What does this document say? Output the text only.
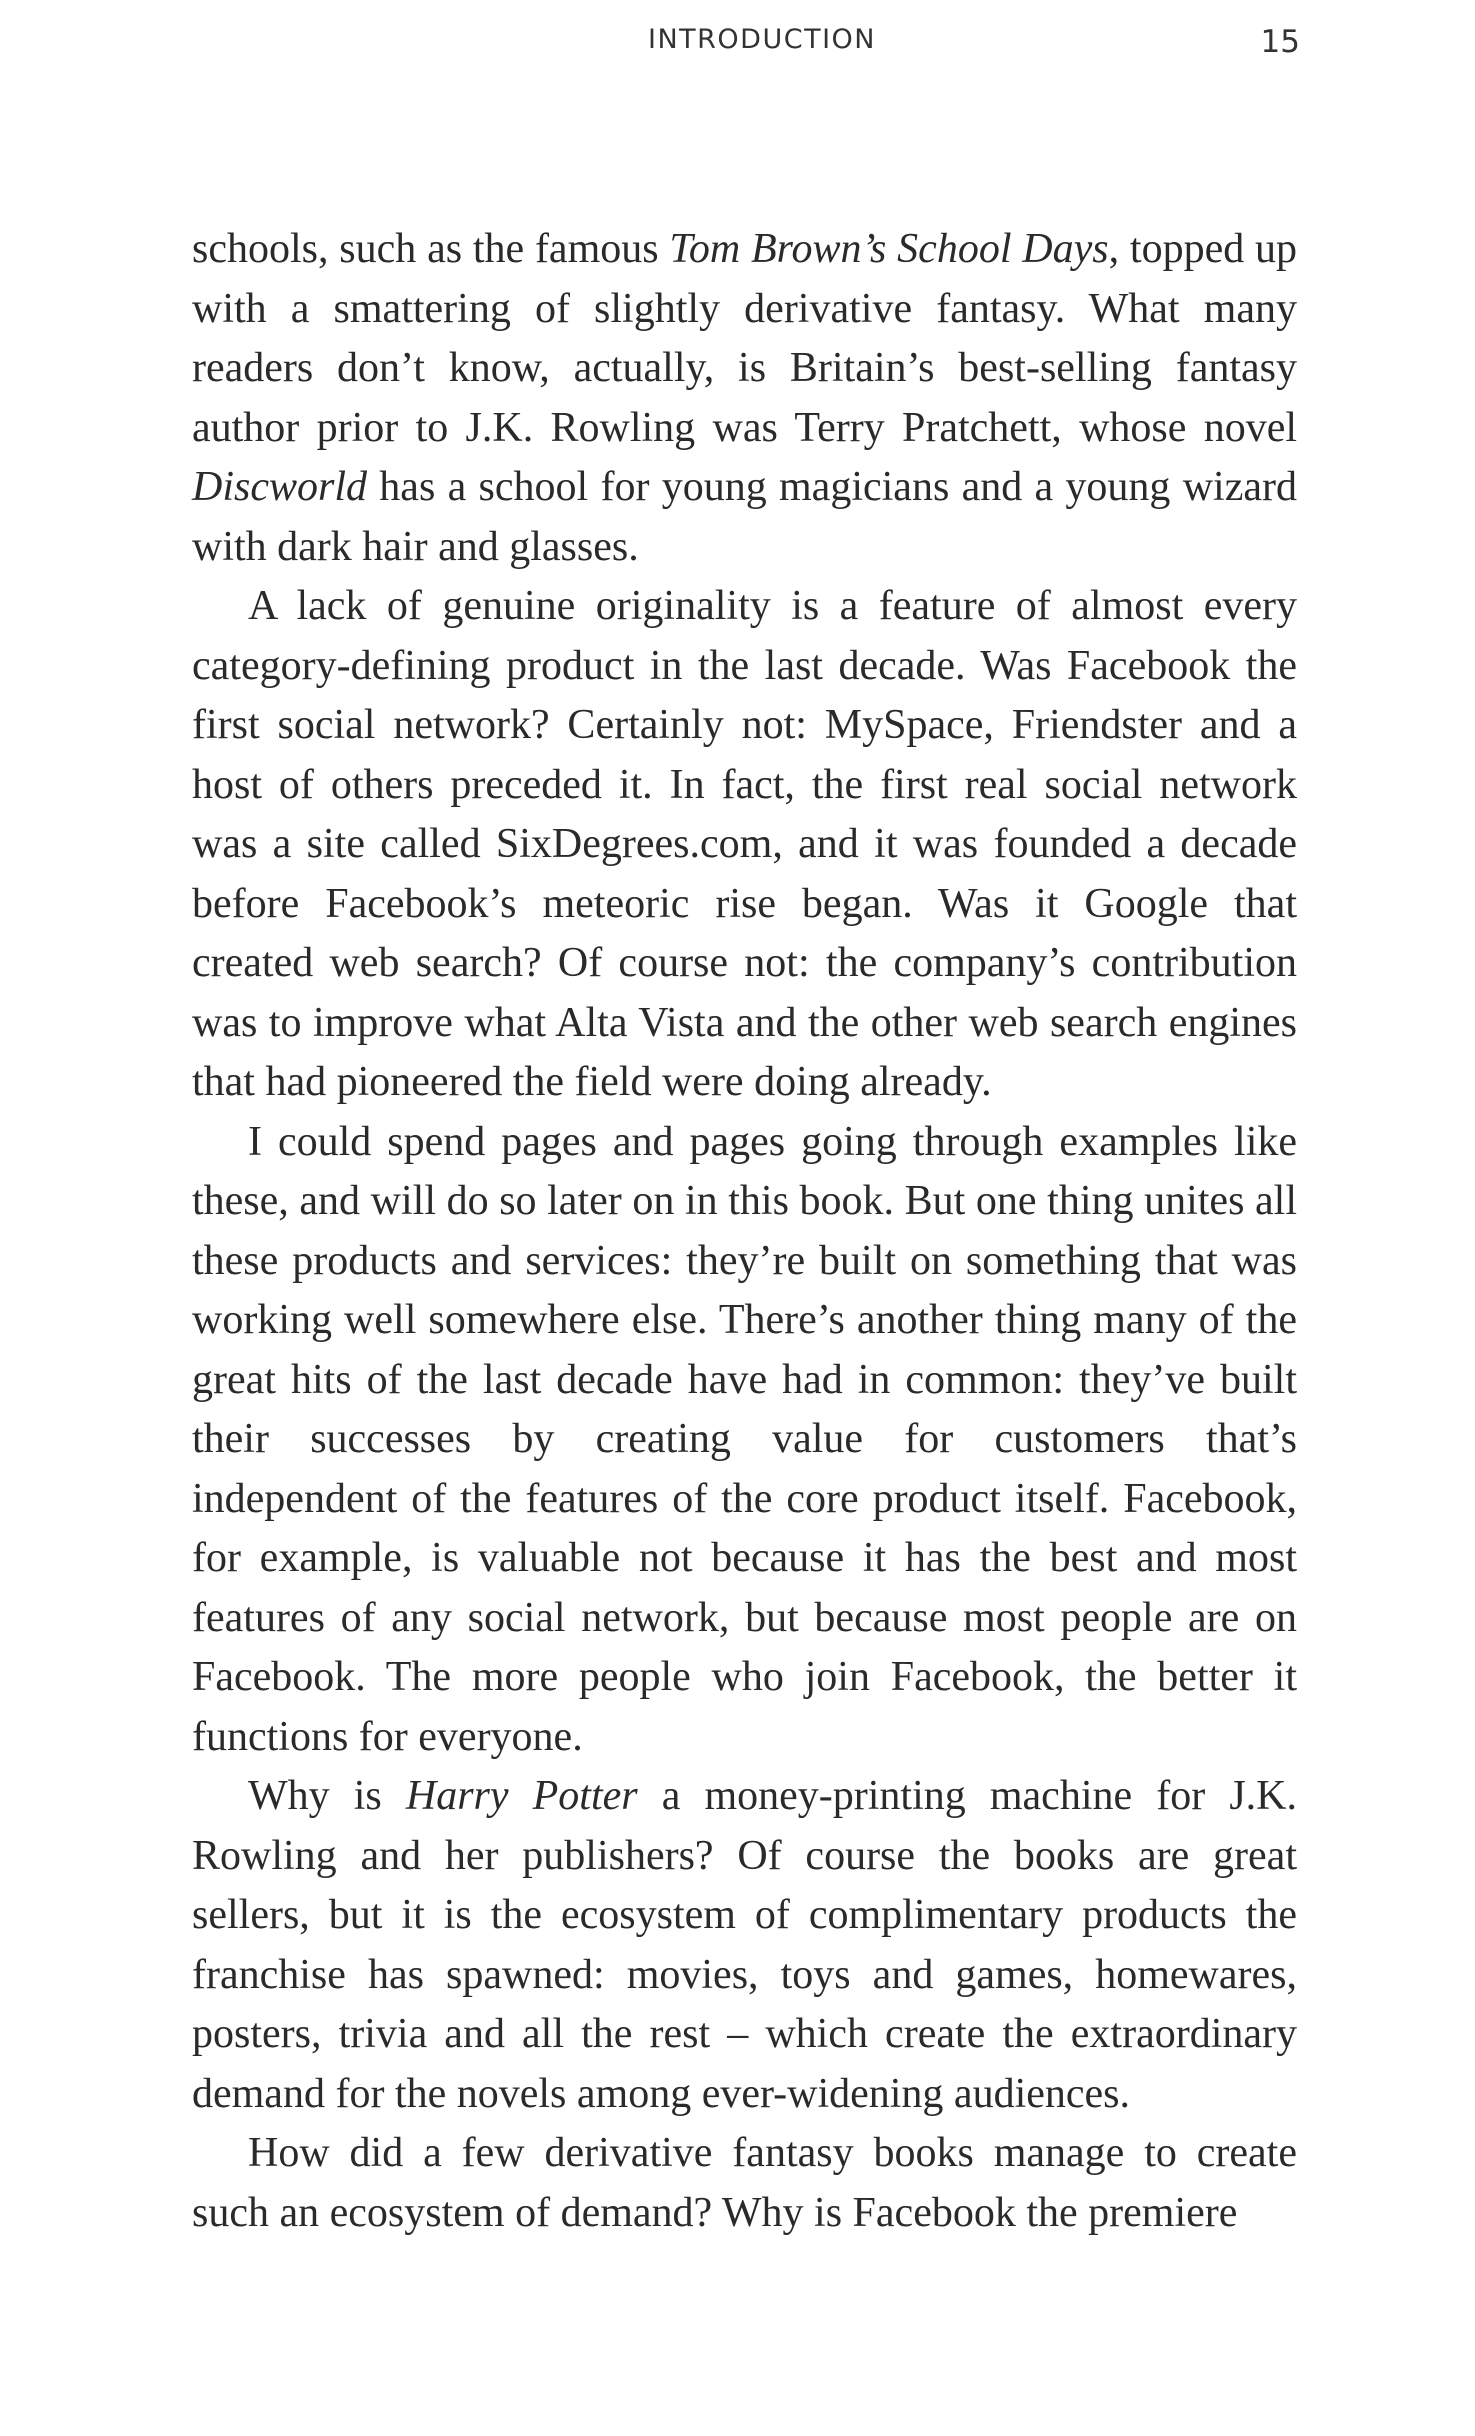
INTRODUCTION	15

schools, such as the famous Tom Brown’s School Days, topped up with a smattering of slightly derivative fantasy. What many readers don’t know, actually, is Britain’s best-selling fantasy author prior to J.K. Rowling was Terry Pratchett, whose novel Discworld has a school for young magicians and a young wizard with dark hair and glasses.

A lack of genuine originality is a feature of almost every category-defining product in the last decade. Was Facebook the first social network? Certainly not: MySpace, Friendster and a host of others preceded it. In fact, the first real social network was a site called SixDegrees.com, and it was founded a decade before Facebook’s meteoric rise began. Was it Google that created web search? Of course not: the company’s contribution was to improve what Alta Vista and the other web search engines that had pioneered the field were doing already.

I could spend pages and pages going through examples like these, and will do so later on in this book. But one thing unites all these products and services: they’re built on something that was working well somewhere else. There’s another thing many of the great hits of the last decade have had in common: they’ve built their successes by creating value for customers that’s independent of the features of the core product itself. Facebook, for example, is valuable not because it has the best and most features of any social network, but because most people are on Facebook. The more people who join Facebook, the better it functions for everyone.

Why is Harry Potter a money-printing machine for J.K. Rowling and her publishers? Of course the books are great sellers, but it is the ecosystem of complimentary products the franchise has spawned: movies, toys and games, homewares, posters, trivia and all the rest – which create the extraordinary demand for the novels among ever-widening audiences.

How did a few derivative fantasy books manage to create such an ecosystem of demand? Why is Facebook the premiere
